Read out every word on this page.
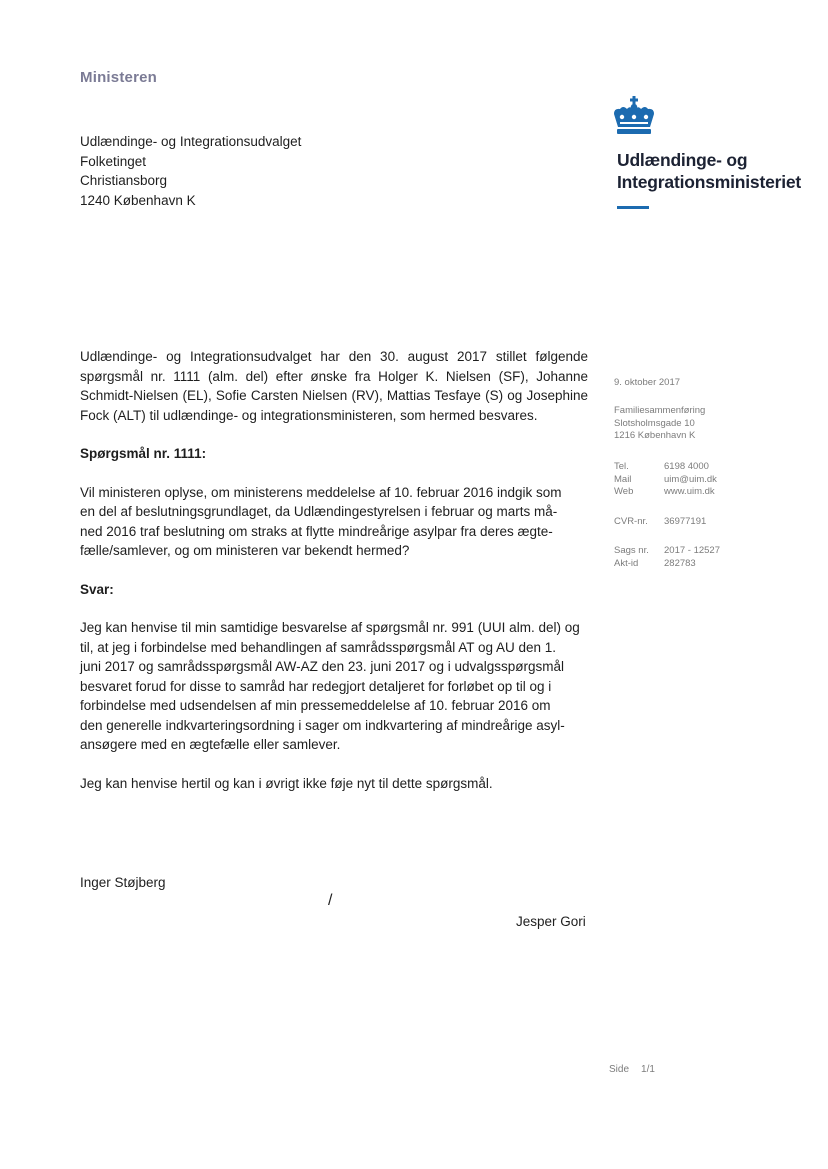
Ministeren
Udlændinge- og Integrationsudvalget
Folketinget
Christiansborg
1240 København K
Udlændinge- og
Integrationsministeriet

Udlændinge- og Integrationsudvalget har den 30. august 2017 stillet følgende spørgsmål nr. 1111 (alm. del) efter ønske fra Holger K. Nielsen (SF), Johanne Schmidt-Nielsen (EL), Sofie Carsten Nielsen (RV), Mattias Tesfaye (S) og Josephine Fock (ALT) til udlændinge- og integrationsministeren, som hermed besvares.

Spørgsmål nr. 1111:

Vil ministeren oplyse, om ministerens meddelelse af 10. februar 2016 indgik som
en del af beslutningsgrundlaget, da Udlændingestyrelsen i februar og marts må-
ned 2016 traf beslutning om straks at flytte mindreårige asylpar fra deres ægte-
fælle/samlever, og om ministeren var bekendt hermed?

Svar:

Jeg kan henvise til min samtidige besvarelse af spørgsmål nr. 991 (UUI alm. del) og
til, at jeg i forbindelse med behandlingen af samrådsspørgsmål AT og AU den 1.
juni 2017 og samrådsspørgsmål AW-AZ den 23. juni 2017 og i udvalgsspørgsmål
besvaret forud for disse to samråd har redegjort detaljeret for forløbet op til og i
forbindelse med udsendelsen af min pressemeddelelse af 10. februar 2016 om
den generelle indkvarteringsordning i sager om indkvartering af mindreårige asyl-
ansøgere med en ægtefælle eller samlever.

Jeg kan henvise hertil og kan i øvrigt ikke føje nyt til dette spørgsmål.

9. oktober 2017
Familiesammenføring
Slotsholmsgade 10
1216 København K
Tel.	6198 4000
Mail	uim@uim.dk
Web	www.uim.dk
CVR-nr.	36977191
Sags nr.	2017 - 12527
Akt-id	282783
Inger Støjberg
/
Jesper Gori
Side 1/1
